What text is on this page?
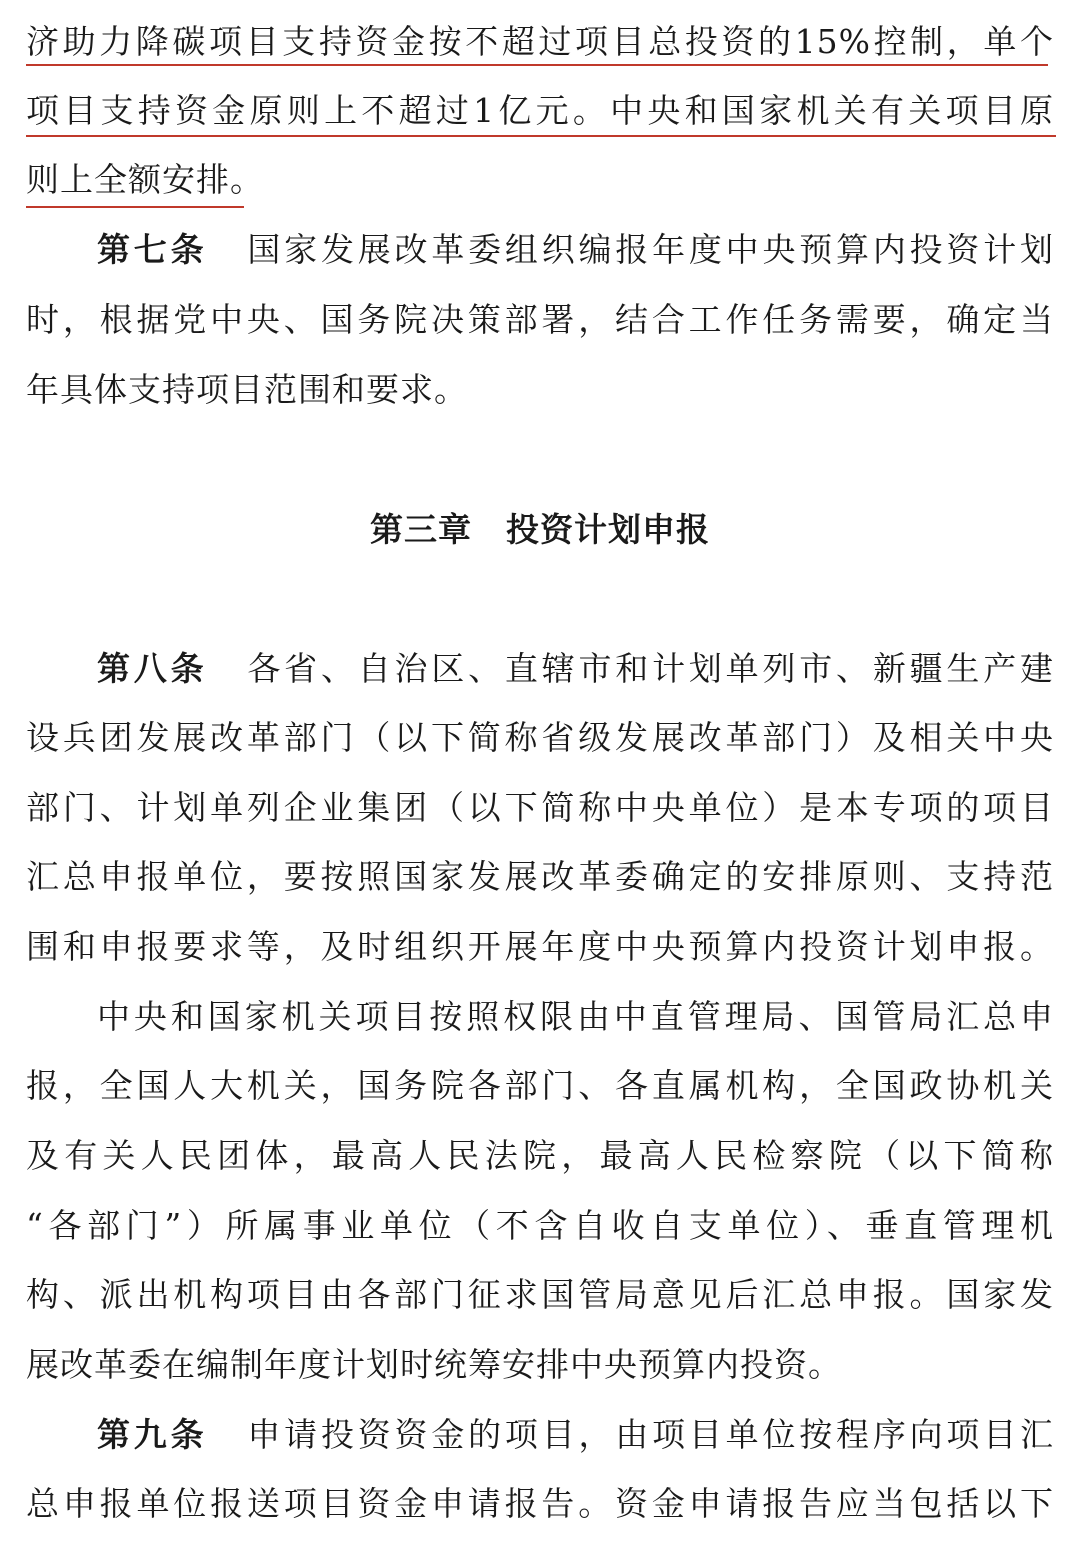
济助力降碳项目支持资金按不超过项目总投资的15%控制，单个
项目支持资金原则上不超过1亿元。中央和国家机关有关项目原
则上全额安排。
第七条 国家发展改革委组织编报年度中央预算内投资计划
时，根据党中央、国务院决策部署，结合工作任务需要，确定当
年具体支持项目范围和要求。
第三章　投资计划申报
第八条 各省、自治区、直辖市和计划单列市、新疆生产建
设兵团发展改革部门（以下简称省级发展改革部门）及相关中央
部门、计划单列企业集团（以下简称中央单位）是本专项的项目
汇总申报单位，要按照国家发展改革委确定的安排原则、支持范
围和申报要求等，及时组织开展年度中央预算内投资计划申报。
中央和国家机关项目按照权限由中直管理局、国管局汇总申
报，全国人大机关，国务院各部门、各直属机构，全国政协机关
及有关人民团体，最高人民法院，最高人民检察院（以下简称
“各部门”）所属事业单位（不含自收自支单位）、垂直管理机
构、派出机构项目由各部门征求国管局意见后汇总申报。国家发
展改革委在编制年度计划时统筹安排中央预算内投资。
第九条 申请投资资金的项目，由项目单位按程序向项目汇
总申报单位报送项目资金申请报告。资金申请报告应当包括以下
